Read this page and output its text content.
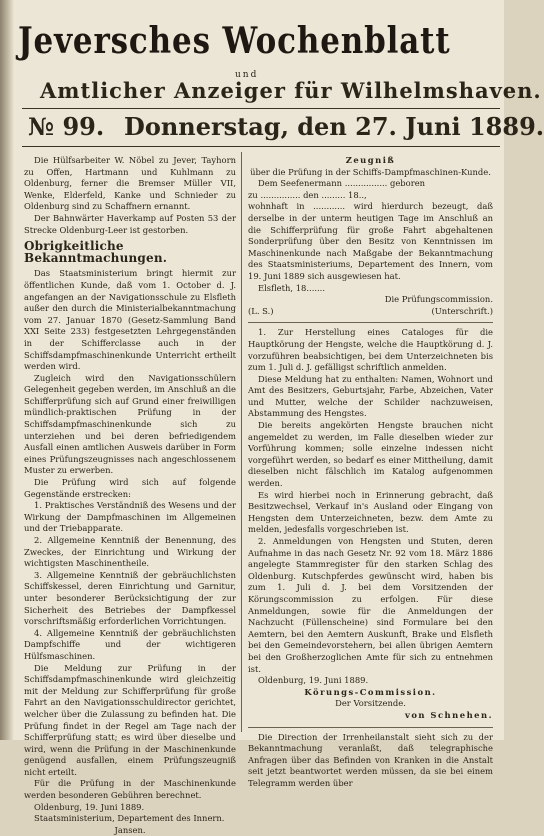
Jeversches Wochenblatt
und
Amtlicher Anzeiger für Wilhelmshaven.
№ 99. Donnerstag, den 27. Juni 1889.

Die Hülfsarbeiter W. Nöbel zu Jever, Tayhorn zu Offen, Hartmann und Kuhlmann zu Oldenburg, ferner die Bremser Müller VII, Wenke, Elderfeld, Kanke und Schnieder zu Oldenburg sind zu Schaffnern ernannt.

Der Bahnwärter Haverkamp auf Posten 53 der Strecke Oldenburg-Leer ist gestorben.

Obrigkeitliche Bekanntmachungen.

Das Staatsministerium bringt hiermit zur öffentlichen Kunde, daß vom 1. October d. J. angefangen an der Navigationsschule zu Elsfleth außer den durch die Ministerialbekanntmachung vom 27. Januar 1870 (Gesetz-Sammlung Band XXI Seite 233) festgesetzten Lehrgegenständen in der Schifferclasse auch in der Schiffsdampfmaschinenkunde Unterricht ertheilt werden wird.

Zugleich wird den Navigationsschülern Gelegenheit gegeben werden, im Anschluß an die Schifferprüfung sich auf Grund einer freiwilligen mündlich-praktischen Prüfung in der Schiffsdampfmaschinenkunde sich zu unterziehen und bei deren befriedigendem Ausfall einen amtlichen Ausweis darüber in Form eines Prüfungszeugnisses nach angeschlossenem Muster zu erwerben.

Die Prüfung wird sich auf folgende Gegenstände erstrecken:

1. Praktisches Verständniß des Wesens und der Wirkung der Dampfmaschinen im Allgemeinen und der Triebapparate.

2. Allgemeine Kenntniß der Benennung, des Zweckes, der Einrichtung und Wirkung der wichtigsten Maschinentheile.

3. Allgemeine Kenntniß der gebräuchlichsten Schiffskessel, deren Einrichtung und Garnitur, unter besonderer Berücksichtigung der zur Sicherheit des Betriebes der Dampfkessel vorschriftsmäßig erforderlichen Vorrichtungen.

4. Allgemeine Kenntniß der gebräuchlichsten Dampfschiffe und der wichtigeren Hülfsmaschinen.

Die Meldung zur Prüfung in der Schiffsdampfmaschinenkunde wird gleichzeitig mit der Meldung zur Schifferprüfung für große Fahrt an den Navigationsschuldirector gerichtet, welcher über die Zulassung zu befinden hat. Die Prüfung findet in der Regel am Tage nach der Schifferprüfung statt; es wird über dieselbe und wird, wenn die Prüfung in der Maschinenkunde genügend ausfallen, einem Prüfungszeugniß nicht erteilt.

Für die Prüfung in der Maschinenkunde werden besonderen Gebühren berechnet.

Oldenburg, 19. Juni 1889.

Staatsministerium, Departement des Innern.

Jansen.

Zeugniß

über die Prüfung in der Schiffs-Dampfmaschinen-Kunde.

Dem Seefenermann ................ geboren

zu ............... den ......... 18..,

wohnhaft in ............ wird hierdurch bezeugt, daß derselbe in der unterm heutigen Tage im Anschluß an die Schifferprüfung für große Fahrt abgehaltenen Sonderprüfung über den Besitz von Kenntnissen im Maschinenkunde nach Maßgabe der Bekanntmachung des Staatsministeriums, Departement des Innern, vom 19. Juni 1889 sich ausgewiesen hat.

Elsfleth, 18.......

Die Prüfungscommission.

(L. S.)	(Unterschrift.)

1. Zur Herstellung eines Cataloges für die Hauptkörung der Hengste, welche die Hauptkörung d. J. vorzuführen beabsichtigen, bei dem Unterzeichneten bis zum 1. Juli d. J. gefälligst schriftlich anmelden.

Diese Meldung hat zu enthalten: Namen, Wohnort und Amt des Besitzers, Geburtsjahr, Farbe, Abzeichen, Vater und Mutter, welche der Schilder nachzuweisen, Abstammung des Hengstes.

Die bereits angekörten Hengste brauchen nicht angemeldet zu werden, im Falle dieselben wieder zur Vorführung kommen; solle einzelne indessen nicht vorgeführt werden, so bedarf es einer Mittheilung, damit dieselben nicht fälschlich im Katalog aufgenommen werden.

Es wird hierbei noch in Erinnerung gebracht, daß Besitzwechsel, Verkauf in's Ausland oder Eingang von Hengsten dem Unterzeichneten, bezw. dem Amte zu melden, jedesfalls vorgeschrieben ist.

2. Anmeldungen von Hengsten und Stuten, deren Aufnahme in das nach Gesetz Nr. 92 vom 18. März 1886 angelegte Stammregister für den starken Schlag des Oldenburg. Kutschpferdes gewünscht wird, haben bis zum 1. Juli d. J. bei dem Vorsitzenden der Körungscommission zu erfolgen. Für diese Anmeldungen, sowie für die Anmeldungen der Nachzucht (Füllenscheine) sind Formulare bei den Aemtern, bei den Aemtern Auskunft, Brake und Elsfleth bei den Gemeindevorstehern, bei allen übrigen Aemtern bei den Großherzoglichen Amte für sich zu entnehmen ist.

Oldenburg, 19. Juni 1889.

Körungs-Commission.

Der Vorsitzende.

von Schnehen.

Die Direction der Irrenheilanstalt sieht sich zu der Bekanntmachung veranlaßt, daß telegraphische Anfragen über das Befinden von Kranken in die Anstalt seit jetzt beantwortet werden müssen, da sie bei einem Telegramm werden über
